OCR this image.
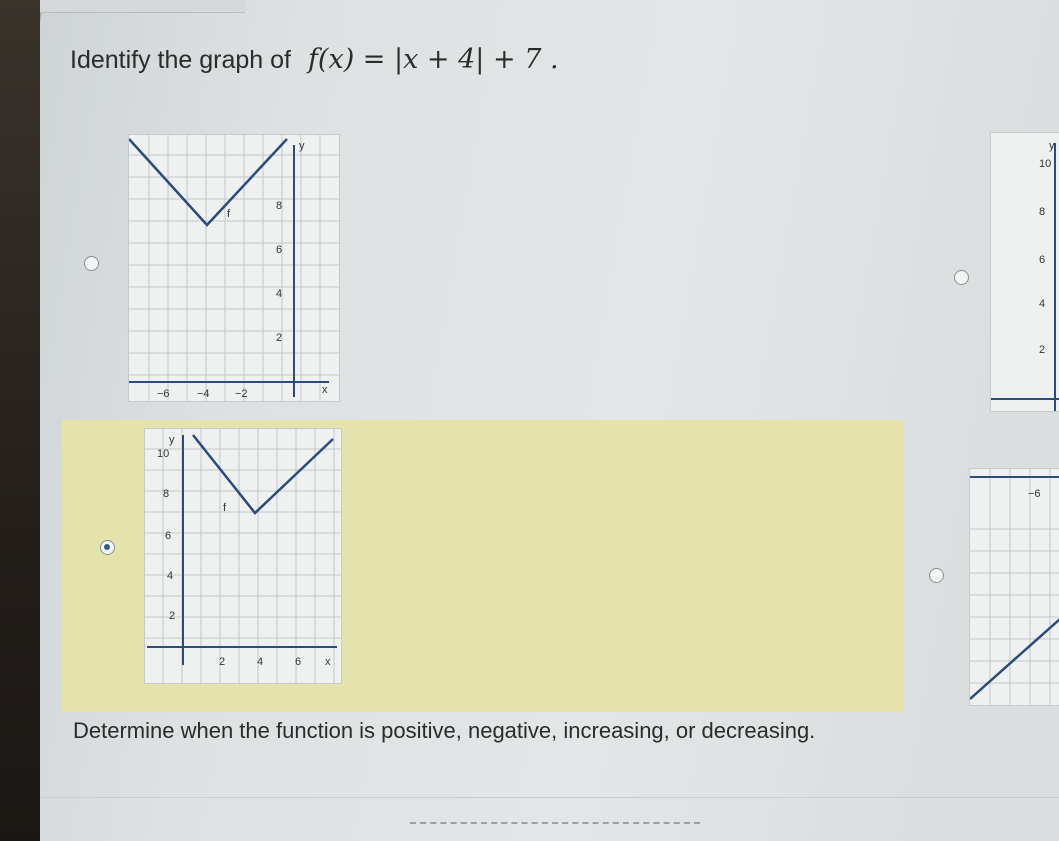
Identify the graph of f(x) = |x + 4| + 7 .
y
x
f
8
6
4
2
−6 −4 −2
y
10
8
6
4
2
y
x
f
10
8
6
4
2
2	4	6
−6
Determine when the function is positive, negative, increasing, or decreasing.
